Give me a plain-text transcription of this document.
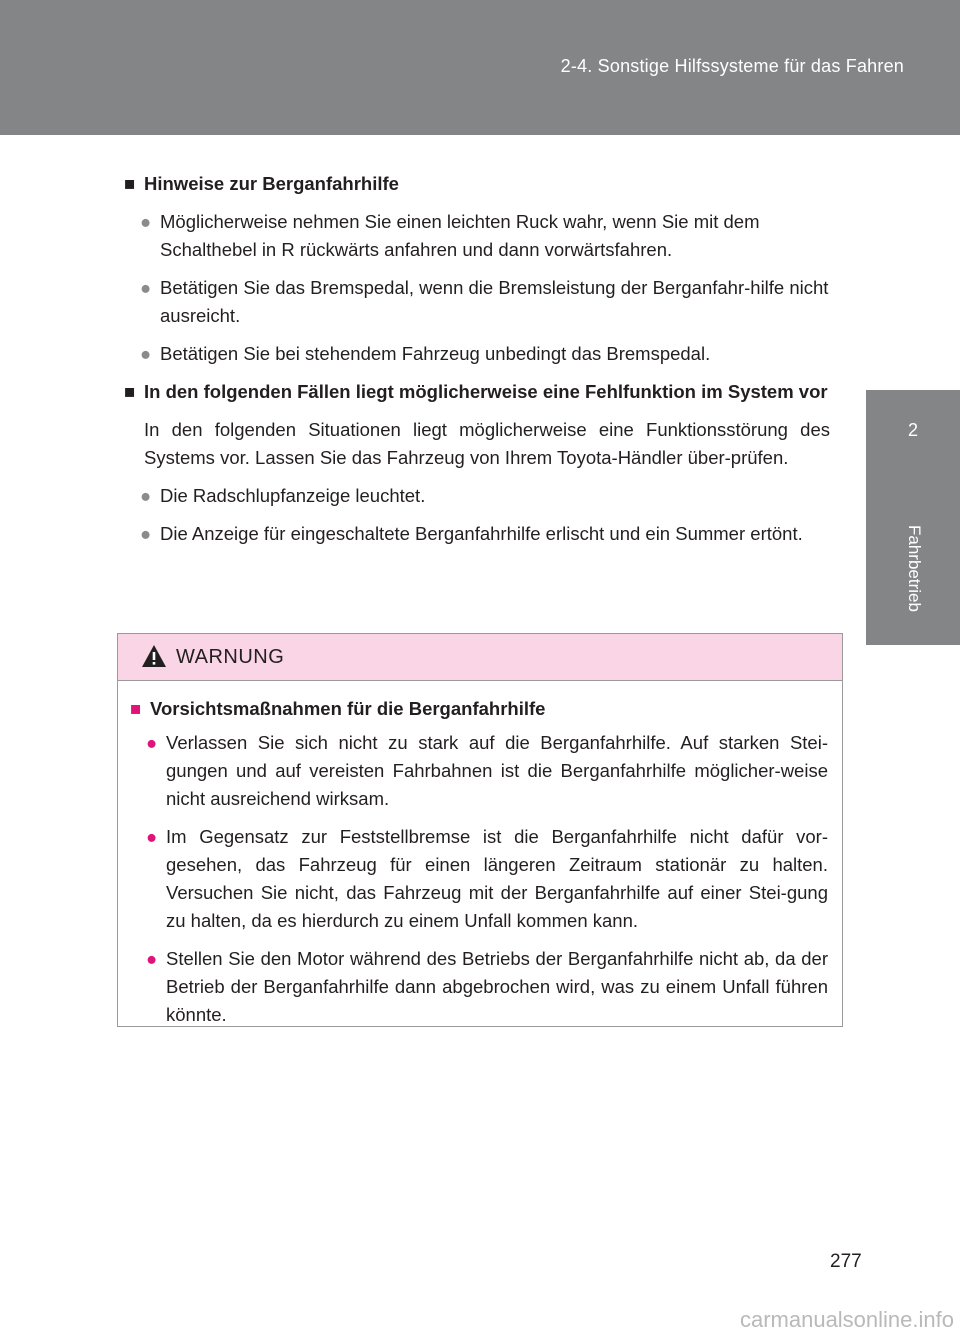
2-4. Sonstige Hilfssysteme für das Fahren
2
Fahrbetrieb
■ Hinweise zur Berganfahrhilfe
● Möglicherweise nehmen Sie einen leichten Ruck wahr, wenn Sie mit dem Schalthebel in R rückwärts anfahren und dann vorwärtsfahren.
● Betätigen Sie das Bremspedal, wenn die Bremsleistung der Berganfahr-hilfe nicht ausreicht.
● Betätigen Sie bei stehendem Fahrzeug unbedingt das Bremspedal.
■ In den folgenden Fällen liegt möglicherweise eine Fehlfunktion im System vor
In den folgenden Situationen liegt möglicherweise eine Funktionsstörung des Systems vor. Lassen Sie das Fahrzeug von Ihrem Toyota-Händler über-prüfen.
● Die Radschlupfanzeige leuchtet.
● Die Anzeige für eingeschaltete Berganfahrhilfe erlischt und ein Summer ertönt.
WARNUNG
■ Vorsichtsmaßnahmen für die Berganfahrhilfe
● Verlassen Sie sich nicht zu stark auf die Berganfahrhilfe. Auf starken Stei-gungen und auf vereisten Fahrbahnen ist die Berganfahrhilfe möglicher-weise nicht ausreichend wirksam.
● Im Gegensatz zur Feststellbremse ist die Berganfahrhilfe nicht dafür vor-gesehen, das Fahrzeug für einen längeren Zeitraum stationär zu halten. Versuchen Sie nicht, das Fahrzeug mit der Berganfahrhilfe auf einer Stei-gung zu halten, da es hierdurch zu einem Unfall kommen kann.
● Stellen Sie den Motor während des Betriebs der Berganfahrhilfe nicht ab, da der Betrieb der Berganfahrhilfe dann abgebrochen wird, was zu einem Unfall führen könnte.
277
carmanualsonline.info
